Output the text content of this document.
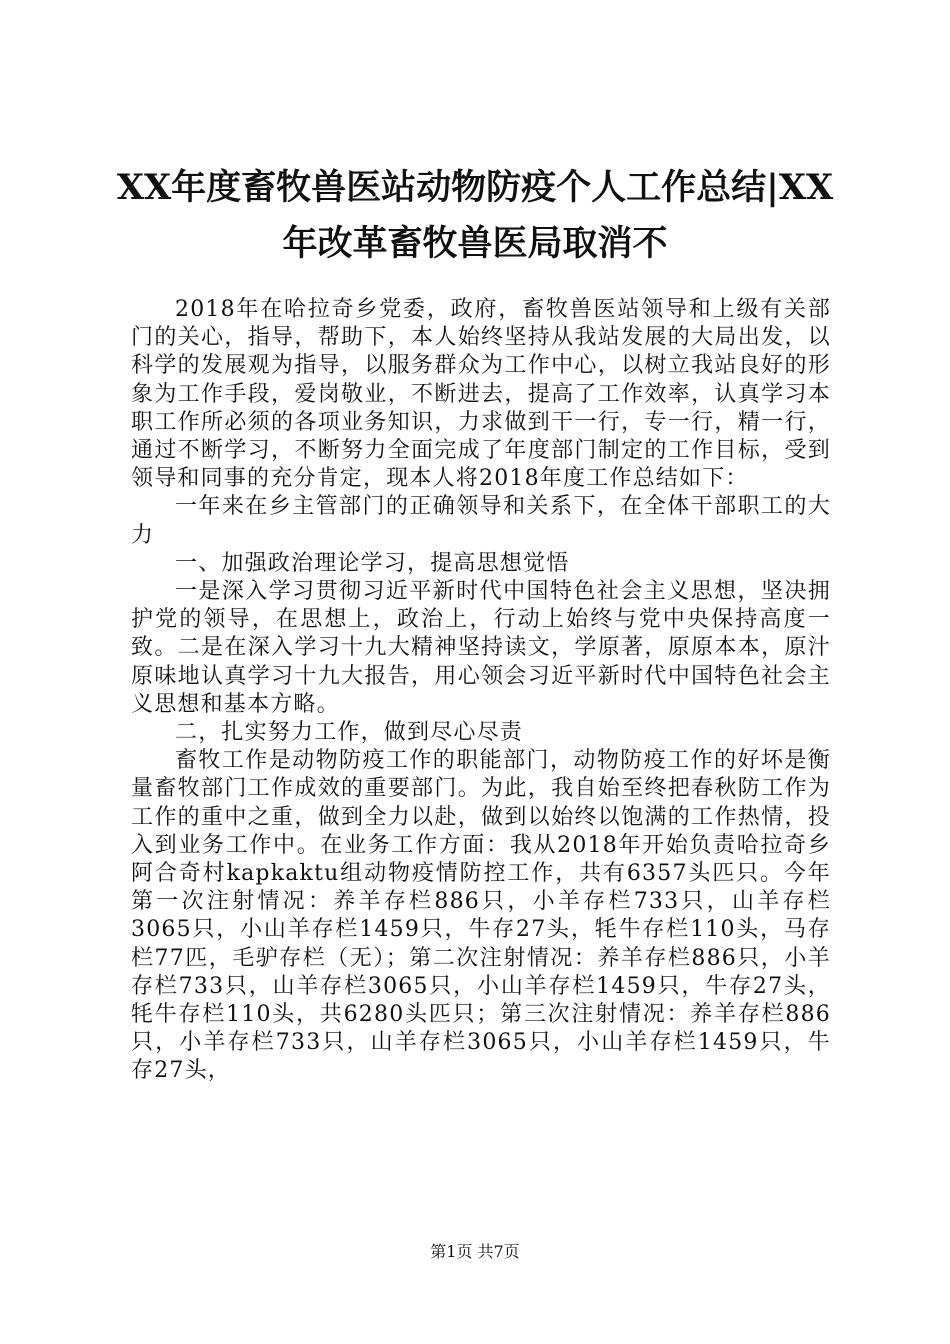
XX年度畜牧兽医站动物防疫个人工作总结|XX
年改革畜牧兽医局取消不

2018年在哈拉奇乡党委，政府，畜牧兽医站领导和上级有关部门的关心，指导，帮助下，本人始终坚持从我站发展的大局出发，以科学的发展观为指导，以服务群众为工作中心，以树立我站良好的形象为工作手段，爱岗敬业，不断进去，提高了工作效率，认真学习本职工作所必须的各项业务知识，力求做到干一行，专一行，精一行，通过不断学习，不断努力全面完成了年度部门制定的工作目标，受到领导和同事的充分肯定，现本人将2018年度工作总结如下：

一年来在乡主管部门的正确领导和关系下，在全体干部职工的大力

一、加强政治理论学习，提高思想觉悟

一是深入学习贯彻习近平新时代中国特色社会主义思想，坚决拥护党的领导，在思想上，政治上，行动上始终与党中央保持高度一致。二是在深入学习十九大精神坚持读文，学原著，原原本本，原汁原味地认真学习十九大报告，用心领会习近平新时代中国特色社会主义思想和基本方略。

二，扎实努力工作，做到尽心尽责

畜牧工作是动物防疫工作的职能部门，动物防疫工作的好坏是衡量畜牧部门工作成效的重要部门。为此，我自始至终把春秋防工作为工作的重中之重，做到全力以赴，做到以始终以饱满的工作热情，投入到业务工作中。在业务工作方面：我从2018年开始负责哈拉奇乡阿合奇村kapkaktu组动物疫情防控工作，共有6357头匹只。今年第一次注射情况：养羊存栏886只，小羊存栏733只，山羊存栏3065只，小山羊存栏1459只，牛存27头，牦牛存栏110头，马存栏77匹，毛驴存栏（无）；第二次注射情况：养羊存栏886只，小羊存栏733只，山羊存栏3065只，小山羊存栏1459只，牛存27头，牦牛存栏110头，共6280头匹只；第三次注射情况：养羊存栏886只，小羊存栏733只，山羊存栏3065只，小山羊存栏1459只，牛存27头，

第1页 共7页
